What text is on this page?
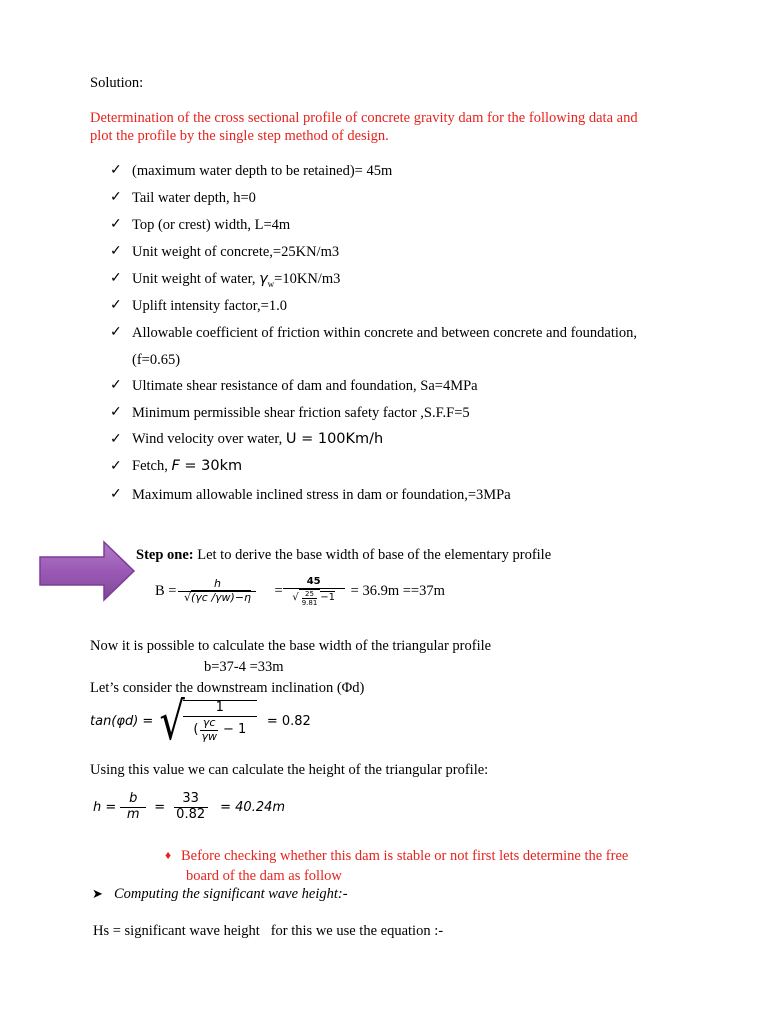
Solution:
Determination of the cross sectional profile of concrete gravity dam for the following data and
plot the profile by the single step method of design.
✓ (maximum water depth to be retained)= 45m
✓ Tail water depth, h=0
✓ Top (or crest) width, L=4m
✓ Unit weight of concrete,=25KN/m3
✓ Unit weight of water, $\gamma_w=10KN/m3$
✓ Uplift intensity factor,=1.0
✓ Allowable coefficient of friction within concrete and between concrete and foundation,
(f=0.65)
✓ Ultimate shear resistance of dam and foundation, Sa=4MPa
✓ Minimum permissible shear friction safety factor ,S.F.F=5
✓ Wind velocity over water, U = 100Km/h
✓ Fetch, F = 30km
✓ Maximum allowable inclined stress in dam or foundation,=3MPa
Step one: Let to derive the base width of base of the elementary profile
$B = \frac{h}{√(\gamma c /\gamma w)-\eta} = \frac{45}{√ \frac{25}{9.81} -1} = 36.9m ==37m$
Now it is possible to calculate the base width of the triangular profile
b=37-4 =33m
Let’s consider the downstream inclination (Φd)
tan(φd) = √
$\frac{1}{( \frac{\gamma c}{\gamma w} - 1} = 0.82$
Using this value we can calculate the height of the triangular profile:
$h = \frac{b}{m} = \frac{33}{0.82} = 40.24m$
♦ Before checking whether this dam is stable or not first lets determine the free
board of the dam as follow
➤ Computing the significant wave height:-
Hs = significant wave height   for this we use the equation :-
